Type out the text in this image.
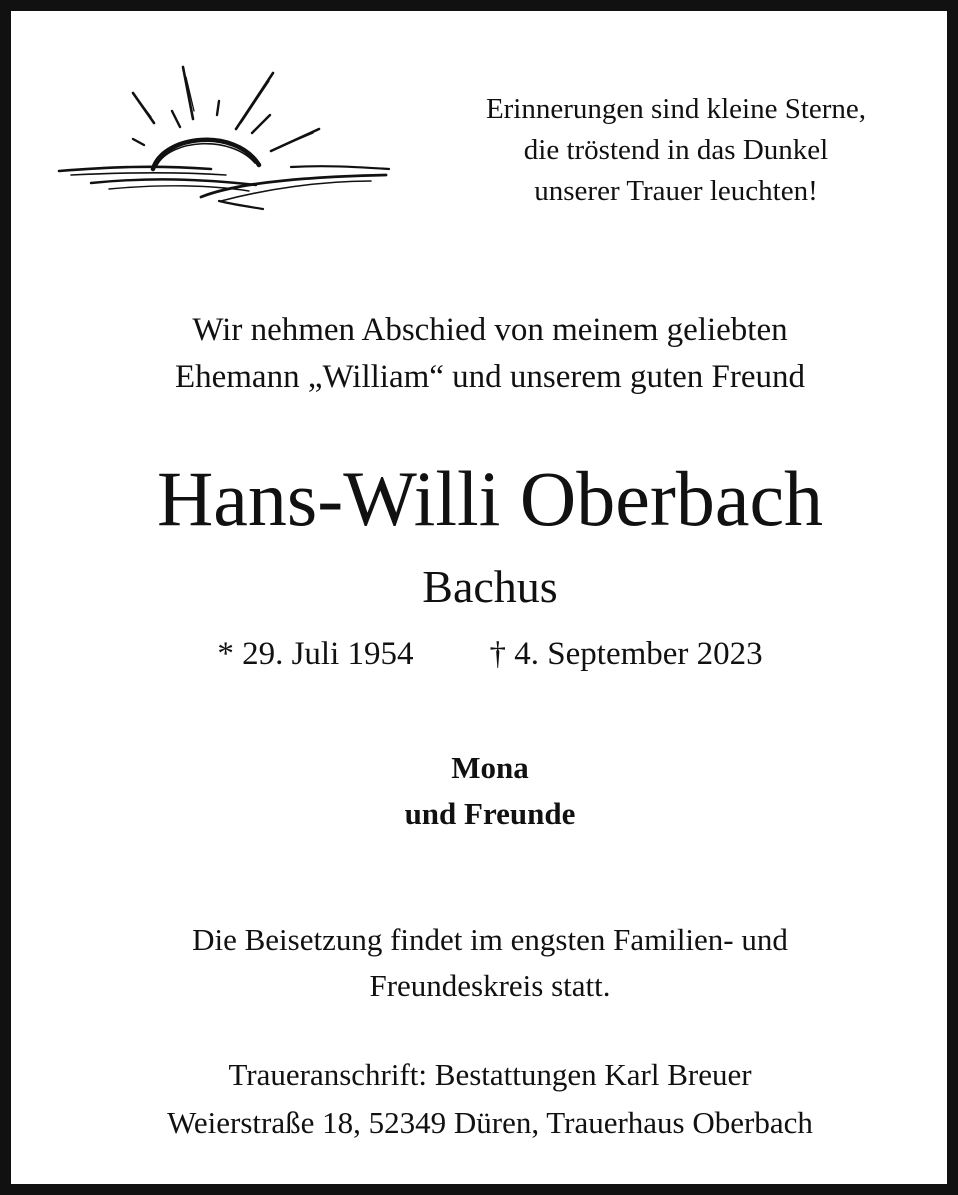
Erinnerungen sind kleine Sterne,
die tröstend in das Dunkel
unserer Trauer leuchten!
Wir nehmen Abschied von meinem geliebten
Ehemann „William“ und unserem guten Freund
Hans-Willi Oberbach
Bachus
* 29. Juli 1954 † 4. September 2023
Mona
und Freunde
Die Beisetzung findet im engsten Familien- und
Freundeskreis statt.
Traueranschrift: Bestattungen Karl Breuer
Weierstraße 18, 52349 Düren, Trauerhaus Oberbach
